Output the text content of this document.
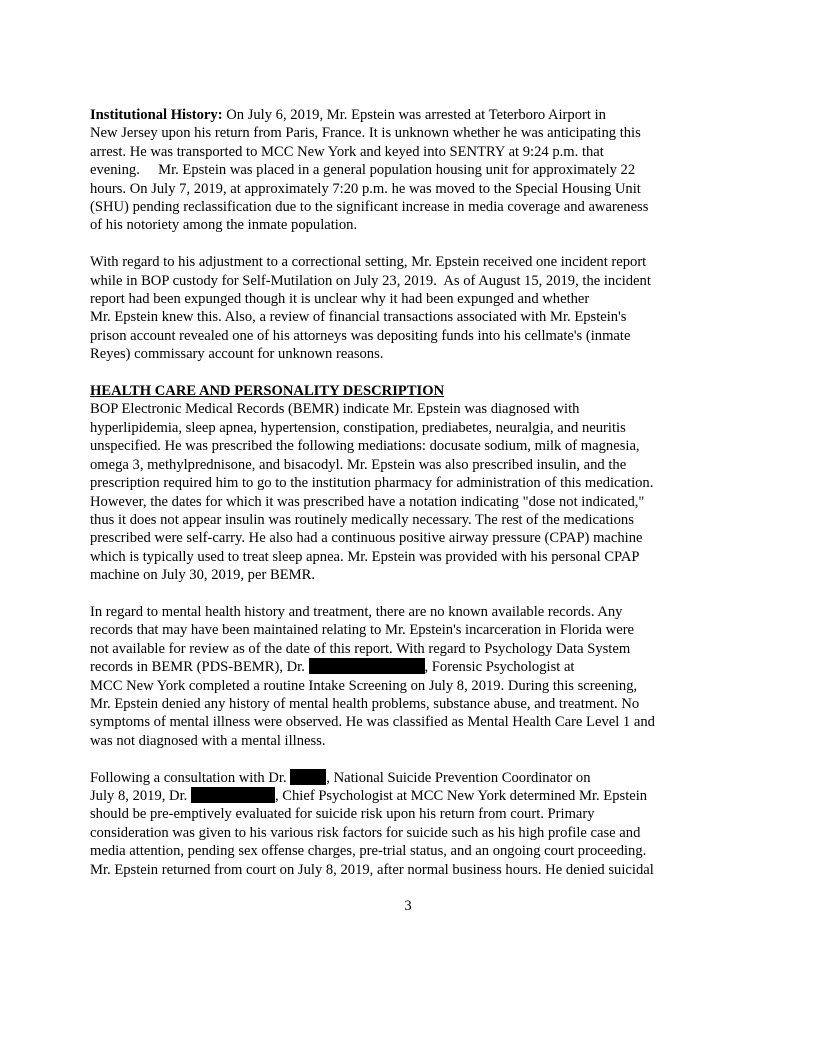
Institutional History: On July 6, 2019, Mr. Epstein was arrested at Teterboro Airport in
New Jersey upon his return from Paris, France. It is unknown whether he was anticipating this
arrest. He was transported to MCC New York and keyed into SENTRY at 9:24 p.m. that
evening.     Mr. Epstein was placed in a general population housing unit for approximately 22
hours. On July 7, 2019, at approximately 7:20 p.m. he was moved to the Special Housing Unit
(SHU) pending reclassification due to the significant increase in media coverage and awareness
of his notoriety among the inmate population.

With regard to his adjustment to a correctional setting, Mr. Epstein received one incident report
while in BOP custody for Self-Mutilation on July 23, 2019.  As of August 15, 2019, the incident
report had been expunged though it is unclear why it had been expunged and whether
Mr. Epstein knew this. Also, a review of financial transactions associated with Mr. Epstein's
prison account revealed one of his attorneys was depositing funds into his cellmate's (inmate
Reyes) commissary account for unknown reasons.

HEALTH CARE AND PERSONALITY DESCRIPTION
BOP Electronic Medical Records (BEMR) indicate Mr. Epstein was diagnosed with
hyperlipidemia, sleep apnea, hypertension, constipation, prediabetes, neuralgia, and neuritis
unspecified. He was prescribed the following mediations: docusate sodium, milk of magnesia,
omega 3, methylprednisone, and bisacodyl. Mr. Epstein was also prescribed insulin, and the
prescription required him to go to the institution pharmacy for administration of this medication.
However, the dates for which it was prescribed have a notation indicating "dose not indicated,"
thus it does not appear insulin was routinely medically necessary. The rest of the medications
prescribed were self-carry. He also had a continuous positive airway pressure (CPAP) machine
which is typically used to treat sleep apnea. Mr. Epstein was provided with his personal CPAP
machine on July 30, 2019, per BEMR.

In regard to mental health history and treatment, there are no known available records. Any
records that may have been maintained relating to Mr. Epstein's incarceration in Florida were
not available for review as of the date of this report. With regard to Psychology Data System
records in BEMR (PDS-BEMR), Dr.	, Forensic Psychologist at
MCC New York completed a routine Intake Screening on July 8, 2019. During this screening,
Mr. Epstein denied any history of mental health problems, substance abuse, and treatment. No
symptoms of mental illness were observed. He was classified as Mental Health Care Level 1 and
was not diagnosed with a mental illness.

Following a consultation with Dr. , National Suicide Prevention Coordinator on
July 8, 2019, Dr.	, Chief Psychologist at MCC New York determined Mr. Epstein
should be pre-emptively evaluated for suicide risk upon his return from court. Primary
consideration was given to his various risk factors for suicide such as his high profile case and
media attention, pending sex offense charges, pre-trial status, and an ongoing court proceeding.
Mr. Epstein returned from court on July 8, 2019, after normal business hours. He denied suicidal

3
